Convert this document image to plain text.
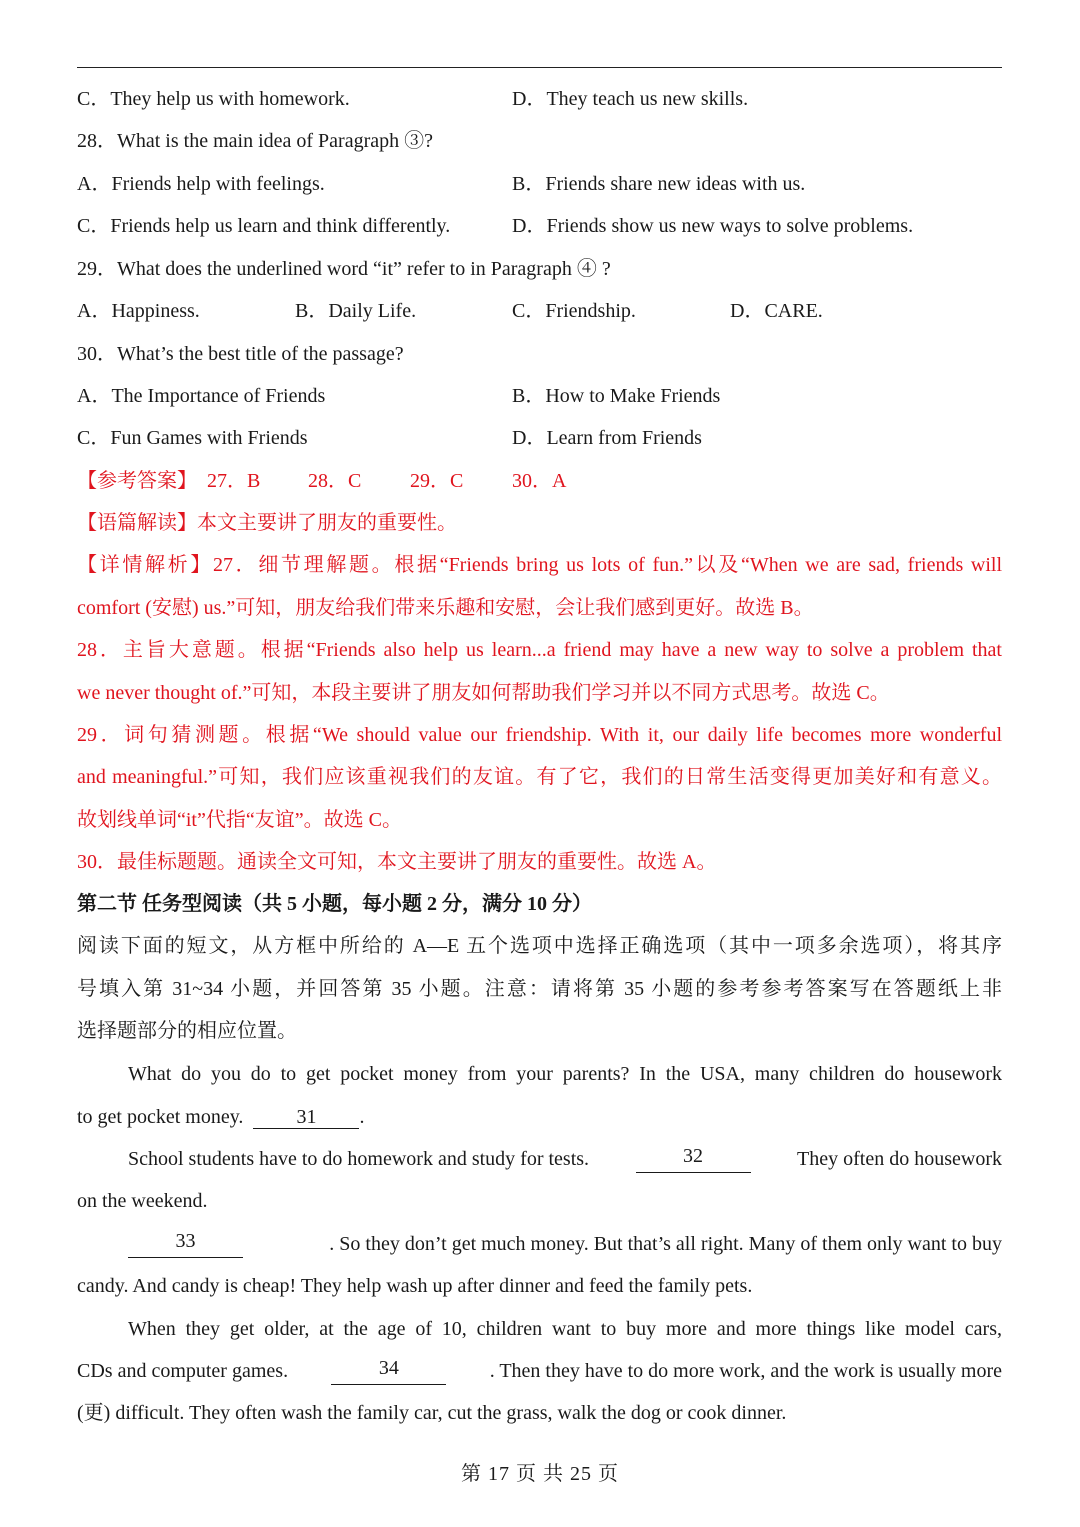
C．They help us with homework.	D．They teach us new skills.
28．What is the main idea of Paragraph ③?
A．Friends help with feelings.	B．Friends share new ideas with us.
C．Friends help us learn and think differently.	D．Friends show us new ways to solve problems.
29．What does the underlined word “it” refer to in Paragraph ④ ?
A．Happiness.	B．Daily Life.	C．Friendship.	D．CARE.
30．What’s the best title of the passage?
A．The Importance of Friends	B．How to Make Friends
C．Fun Games with Friends	D．Learn from Friends
【参考答案】 27．B 28．C 29．C 30．A
【语篇解读】本文主要讲了朋友的重要性。
【详情解析】27．细节理解题。根据“Friends bring us lots of fun.”以及“When we are sad, friends will
comfort (安慰) us.”可知，朋友给我们带来乐趣和安慰，会让我们感到更好。故选 B。
28．主旨大意题。根据“Friends also help us learn...a friend may have a new way to solve a problem that
we never thought of.”可知，本段主要讲了朋友如何帮助我们学习并以不同方式思考。故选 C。
29．词句猜测题。根据“We should value our friendship. With it, our daily life becomes more wonderful
and meaningful.”可知，我们应该重视我们的友谊。有了它，我们的日常生活变得更加美好和有意义。
故划线单词“it”代指“友谊”。故选 C。
30．最佳标题题。通读全文可知，本文主要讲了朋友的重要性。故选 A。
第二节 任务型阅读（共 5 小题，每小题 2 分，满分 10 分）
阅读下面的短文，从方框中所给的 A—E 五个选项中选择正确选项（其中一项多余选项），将其序
号填入第 31~34 小题，并回答第 35 小题。注意：请将第 35 小题的参考参考答案写在答题纸上非
选择题部分的相应位置。
What do you do to get pocket money from your parents? In the USA, many children do housework
to get pocket money.	31 .
School students have to do homework and study for tests.	32	They often do housework
on the weekend.
33	. So they don’t get much money. But that’s all right. Many of them only want to buy
candy. And candy is cheap! They help wash up after dinner and feed the family pets.
When they get older, at the age of 10, children want to buy more and more things like model cars,
CDs and computer games.	34	. Then they have to do more work, and the work is usually more
(更) difficult. They often wash the family car, cut the grass, walk the dog or cook dinner.
第 17 页 共 25 页
